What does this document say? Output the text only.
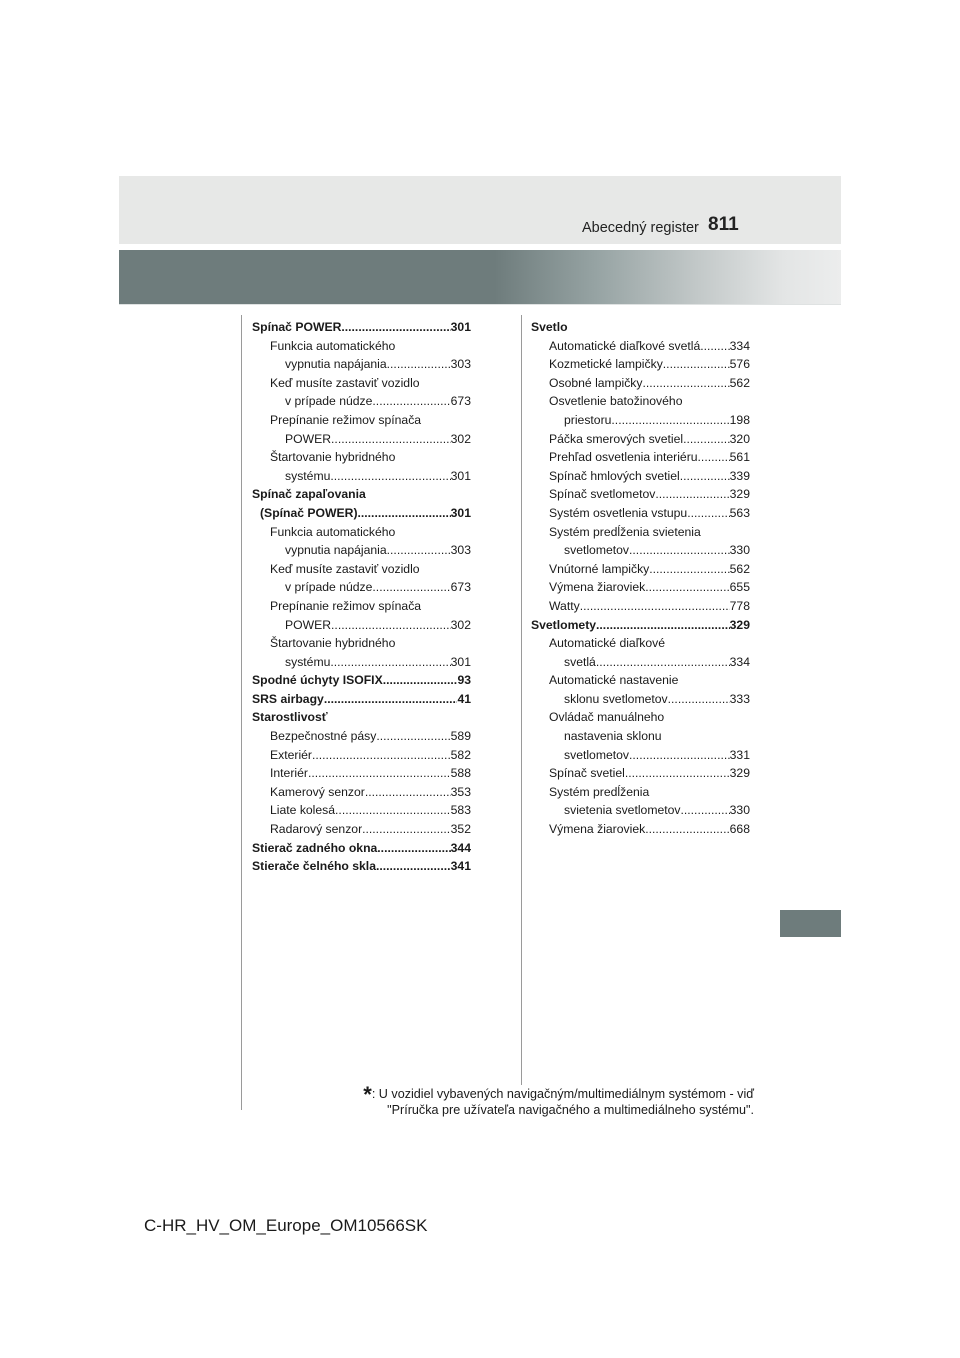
Abecedný register 811
Spínač POWER .....	301
Funkcia automatického
vypnutia napájania .....	303
Keď musíte zastaviť vozidlo
v prípade núdze .....	673
Prepínanie režimov spínača
POWER .....	302
Štartovanie hybridného
systému .....	301
Spínač zapaľovania
(Spínač POWER) .....	301
Funkcia automatického
vypnutia napájania .....	303
Keď musíte zastaviť vozidlo
v prípade núdze .....	673
Prepínanie režimov spínača
POWER .....	302
Štartovanie hybridného
systému .....	301
Spodné úchyty ISOFIX .....	93
SRS airbagy .....	41
Starostlivosť
Bezpečnostné pásy .....	589
Exteriér .....	582
Interiér .....	588
Kamerový senzor .....	353
Liate kolesá .....	583
Radarový senzor .....	352
Stierač zadného okna .....	344
Stierače čelného skla .....	341
Svetlo
Automatické diaľkové svetlá ..... 334
Kozmetické lampičky .....	576
Osobné lampičky .....	562
Osvetlenie batožinového
priestoru .....	198
Páčka smerových svetiel .....	320
Prehľad osvetlenia interiéru .....	561
Spínač hmlových svetiel .....	339
Spínač svetlometov .....	329
Systém osvetlenia vstupu .....	563
Systém predĺženia svietenia
svetlometov .....	330
Vnútorné lampičky .....	562
Výmena žiaroviek .....	655
Watty .....	778
Svetlomety .....	329
Automatické diaľkové
svetlá .....	334
Automatické nastavenie
sklonu svetlometov .....	333
Ovládač manuálneho
nastavenia sklonu
svetlometov .....	331
Spínač svetiel .....	329
Systém predĺženia
svietenia svetlometov .....	330
Výmena žiaroviek .....	668
*: U vozidiel vybavených navigačným/multimediálnym systémom - viď
"Príručka pre užívateľa navigačného a multimediálneho systému".
C-HR_HV_OM_Europe_OM10566SK
